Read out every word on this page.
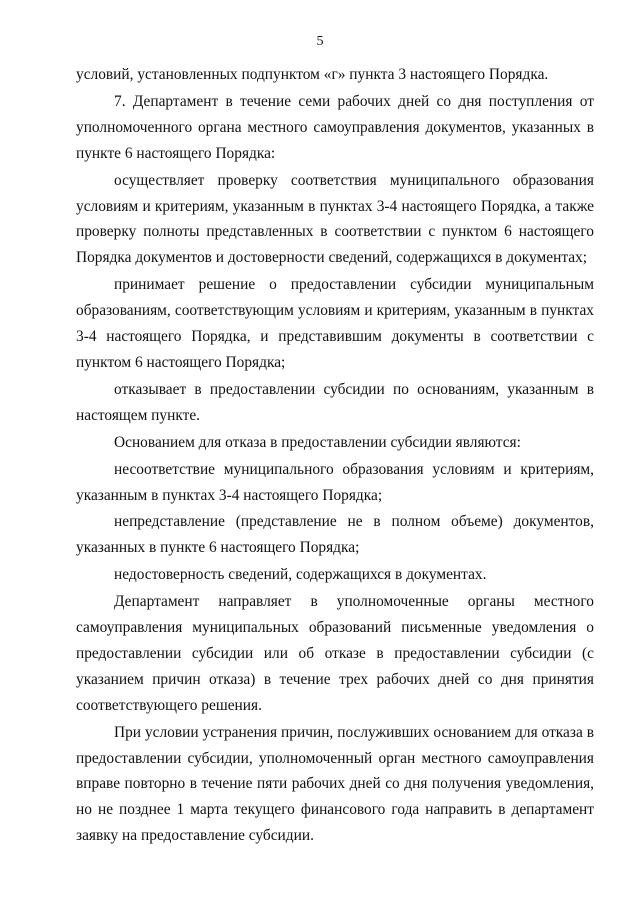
5

условий, установленных подпунктом «г» пункта 3 настоящего Порядка.

7. Департамент в течение семи рабочих дней со дня поступления от уполномоченного органа местного самоуправления документов, указанных в пункте 6 настоящего Порядка:

осуществляет проверку соответствия муниципального образования условиям и критериям, указанным в пунктах 3-4 настоящего Порядка, а также проверку полноты представленных в соответствии с пунктом 6 настоящего Порядка документов и достоверности сведений, содержащихся в документах;

принимает решение о предоставлении субсидии муниципальным образованиям, соответствующим условиям и критериям, указанным в пунктах 3-4 настоящего Порядка, и представившим документы в соответствии с пунктом 6 настоящего Порядка;

отказывает в предоставлении субсидии по основаниям, указанным в настоящем пункте.

Основанием для отказа в предоставлении субсидии являются:

несоответствие муниципального образования условиям и критериям, указанным в пунктах 3-4 настоящего Порядка;

непредставление (представление не в полном объеме) документов, указанных в пункте 6 настоящего Порядка;

недостоверность сведений, содержащихся в документах.

Департамент направляет в уполномоченные органы местного самоуправления муниципальных образований письменные уведомления о предоставлении субсидии или об отказе в предоставлении субсидии (с указанием причин отказа) в течение трех рабочих дней со дня принятия соответствующего решения.

При условии устранения причин, послуживших основанием для отказа в предоставлении субсидии, уполномоченный орган местного самоуправления вправе повторно в течение пяти рабочих дней со дня получения уведомления, но не позднее 1 марта текущего финансового года направить в департамент заявку на предоставление субсидии.
